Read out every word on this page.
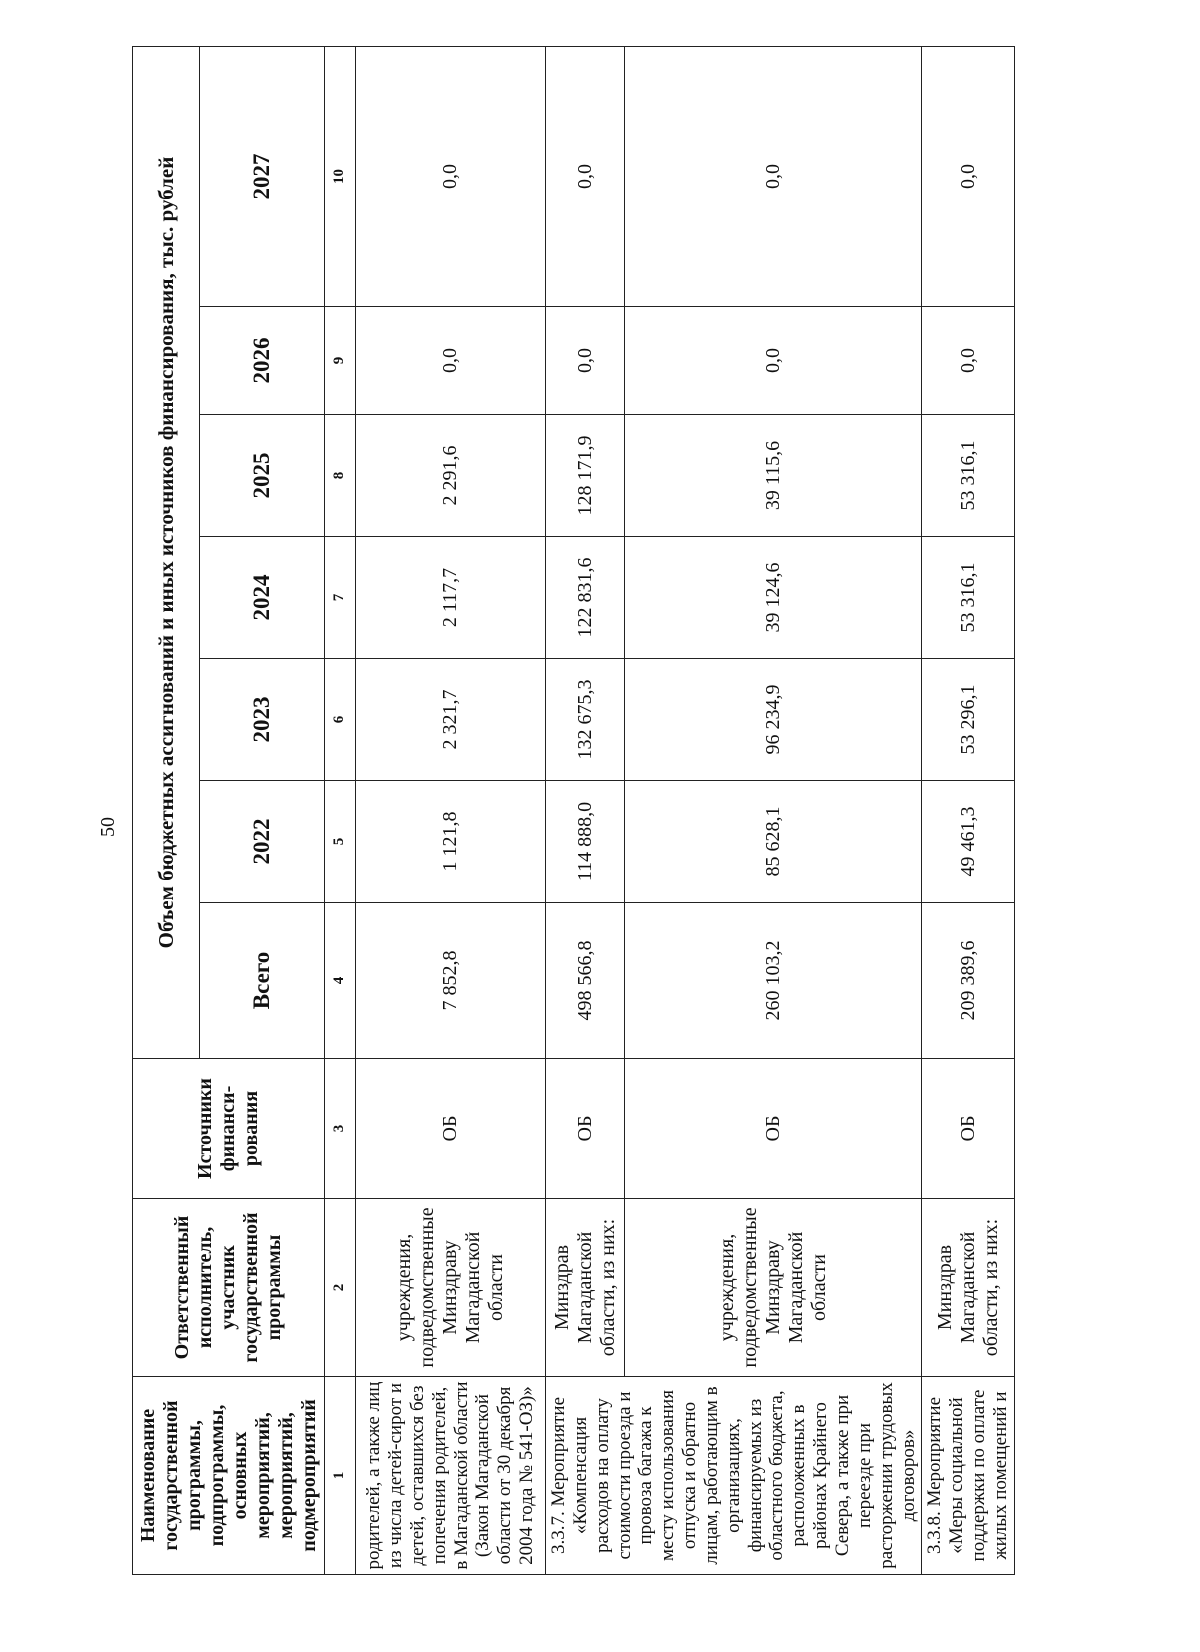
50
Наименование государственной программы, подпрограммы, основных мероприятий, мероприятий, подмероприятий	Ответственный исполнитель, участник государственной программы	Источники финанси-рования	Объем бюджетных ассигнований и иных источников финансирования, тыс. рублей						
			Всего	2022	2023	2024	2025	2026	2027
1	2	3	4	5	6	7	8	9	10
родителей, а также лиц из числа детей-сирот и детей, оставшихся без попечения родителей, в Магаданской области (Закон Магаданской области от 30 декабря 2004 года № 541-ОЗ)»	учреждения, подведомственные Минздраву Магаданской области	ОБ	7 852,8	1 121,8	2 321,7	2 117,7	2 291,6	0,0	0,0
3.3.7. Мероприятие «Компенсация расходов на оплату стоимости проезда и провоза багажа к месту использования отпуска и обратно лицам, работающим в организациях, финансируемых из областного бюджета, расположенных в районах Крайнего Севера, а также при переезде при расторжении трудовых договоров»	Минздрав Магаданской области, из них:	ОБ	498 566,8	114 888,0	132 675,3	122 831,6	128 171,9	0,0	0,0
	учреждения, подведомственные Минздраву Магаданской области	ОБ	260 103,2	85 628,1	96 234,9	39 124,6	39 115,6	0,0	0,0
3.3.8. Мероприятие «Меры социальной поддержки по оплате жилых помещений и	Минздрав Магаданской области, из них:	ОБ	209 389,6	49 461,3	53 296,1	53 316,1	53 316,1	0,0	0,0
